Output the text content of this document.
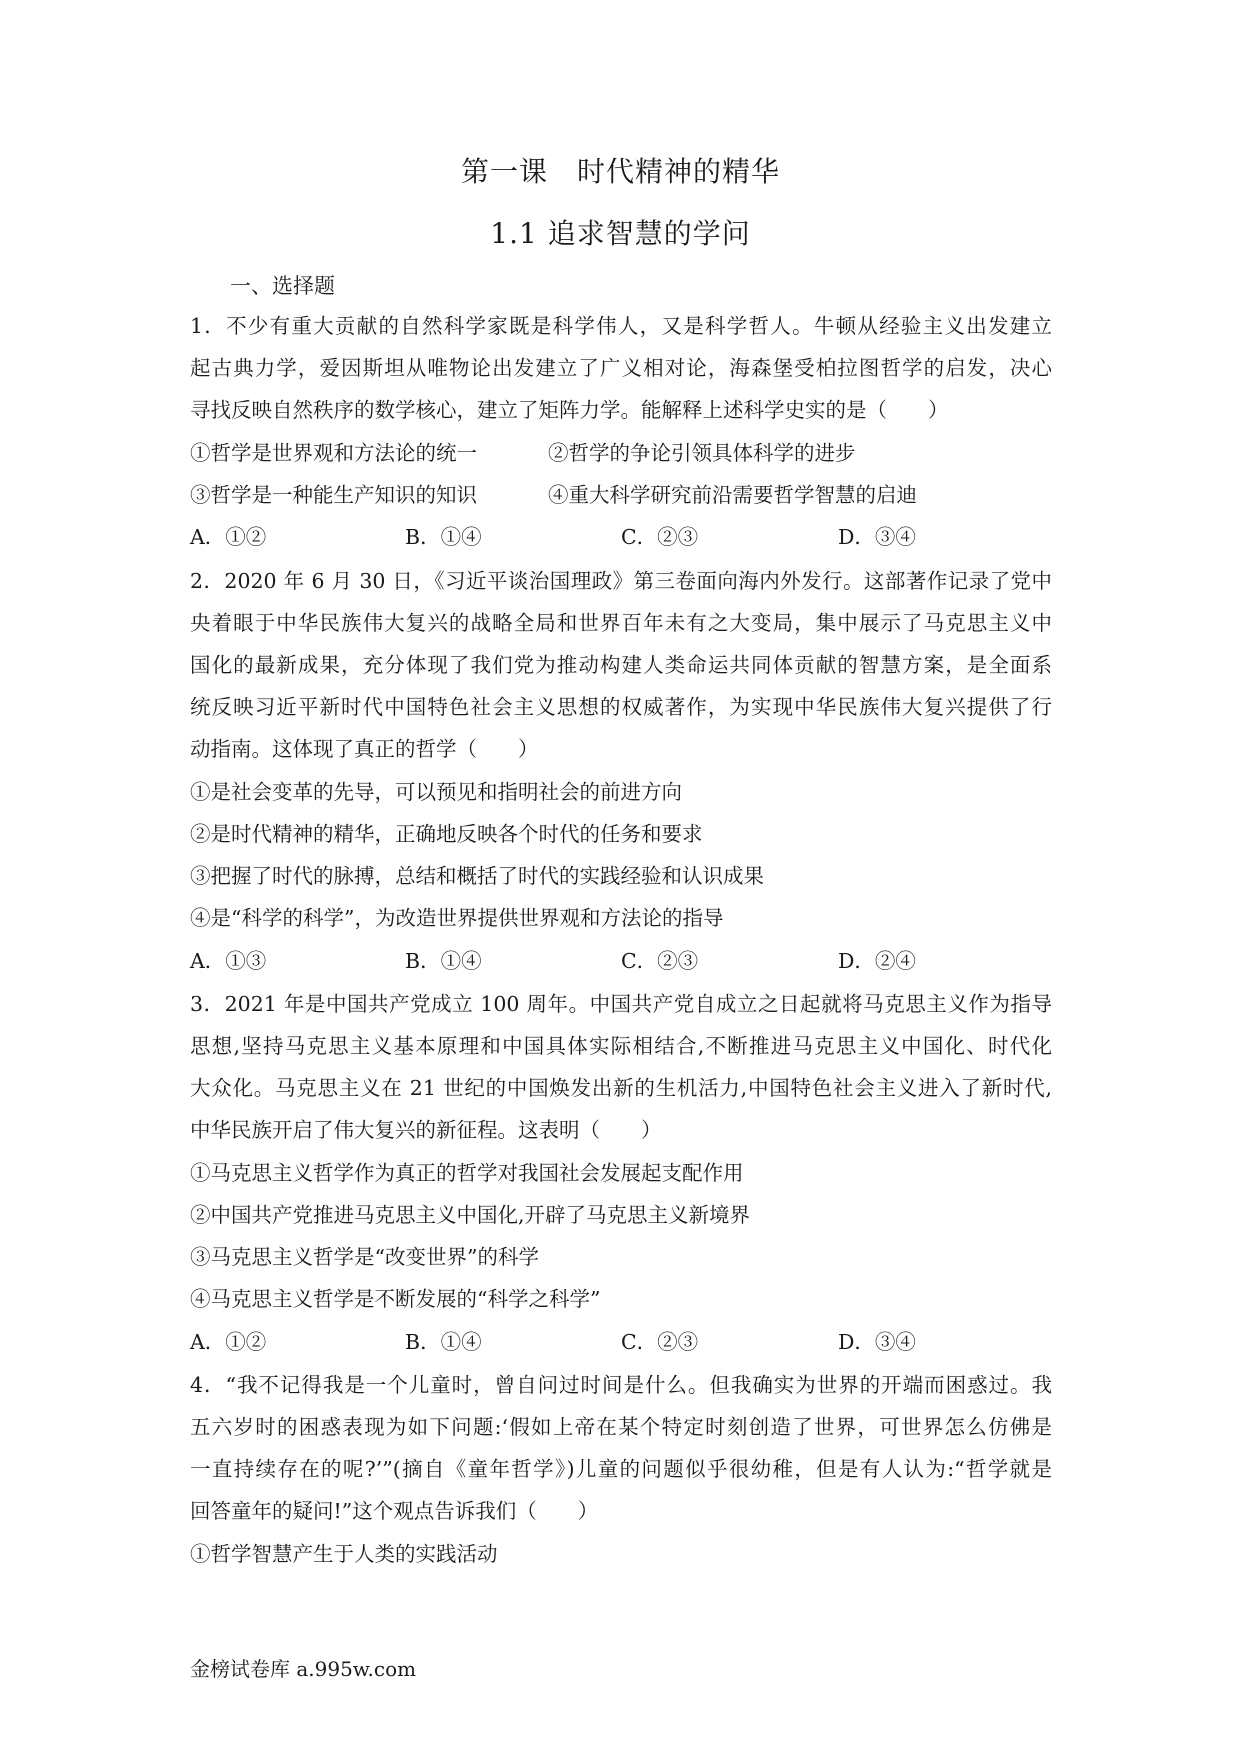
第一课　时代精神的精华
1.1 追求智慧的学问
一、选择题
1．不少有重大贡献的自然科学家既是科学伟人，又是科学哲人。牛顿从经验主义出发建立
起古典力学，爱因斯坦从唯物论出发建立了广义相对论，海森堡受柏拉图哲学的启发，决心
寻找反映自然秩序的数学核心，建立了矩阵力学。能解释上述科学史实的是（　　）
①哲学是世界观和方法论的统一	②哲学的争论引领具体科学的进步
③哲学是一种能生产知识的知识	④重大科学研究前沿需要哲学智慧的启迪
A．①②	B．①④	C．②③	D．③④
2．2020 年 6 月 30 日，《习近平谈治国理政》第三卷面向海内外发行。这部著作记录了党中
央着眼于中华民族伟大复兴的战略全局和世界百年未有之大变局，集中展示了马克思主义中
国化的最新成果，充分体现了我们党为推动构建人类命运共同体贡献的智慧方案，是全面系
统反映习近平新时代中国特色社会主义思想的权威著作，为实现中华民族伟大复兴提供了行
动指南。这体现了真正的哲学（　　）
①是社会变革的先导，可以预见和指明社会的前进方向
②是时代精神的精华，正确地反映各个时代的任务和要求
③把握了时代的脉搏，总结和概括了时代的实践经验和认识成果
④是“科学的科学”，为改造世界提供世界观和方法论的指导
A．①③	B．①④	C．②③	D．②④
3．2021 年是中国共产党成立 100 周年。中国共产党自成立之日起就将马克思主义作为指导
思想,坚持马克思主义基本原理和中国具体实际相结合,不断推进马克思主义中国化、时代化
大众化。马克思主义在 21 世纪的中国焕发出新的生机活力,中国特色社会主义进入了新时代,
中华民族开启了伟大复兴的新征程。这表明（　　）
①马克思主义哲学作为真正的哲学对我国社会发展起支配作用
②中国共产党推进马克思主义中国化,开辟了马克思主义新境界
③马克思主义哲学是“改变世界”的科学
④马克思主义哲学是不断发展的“科学之科学”
A．①②	B．①④	C．②③	D．③④
4．“我不记得我是一个儿童时，曾自问过时间是什么。但我确实为世界的开端而困惑过。我
五六岁时的困惑表现为如下问题:‘假如上帝在某个特定时刻创造了世界，可世界怎么仿佛是
一直持续存在的呢?’”(摘自《童年哲学》)儿童的问题似乎很幼稚，但是有人认为:“哲学就是
回答童年的疑问!”这个观点告诉我们（　　）
①哲学智慧产生于人类的实践活动
金榜试卷库 a.995w.com
